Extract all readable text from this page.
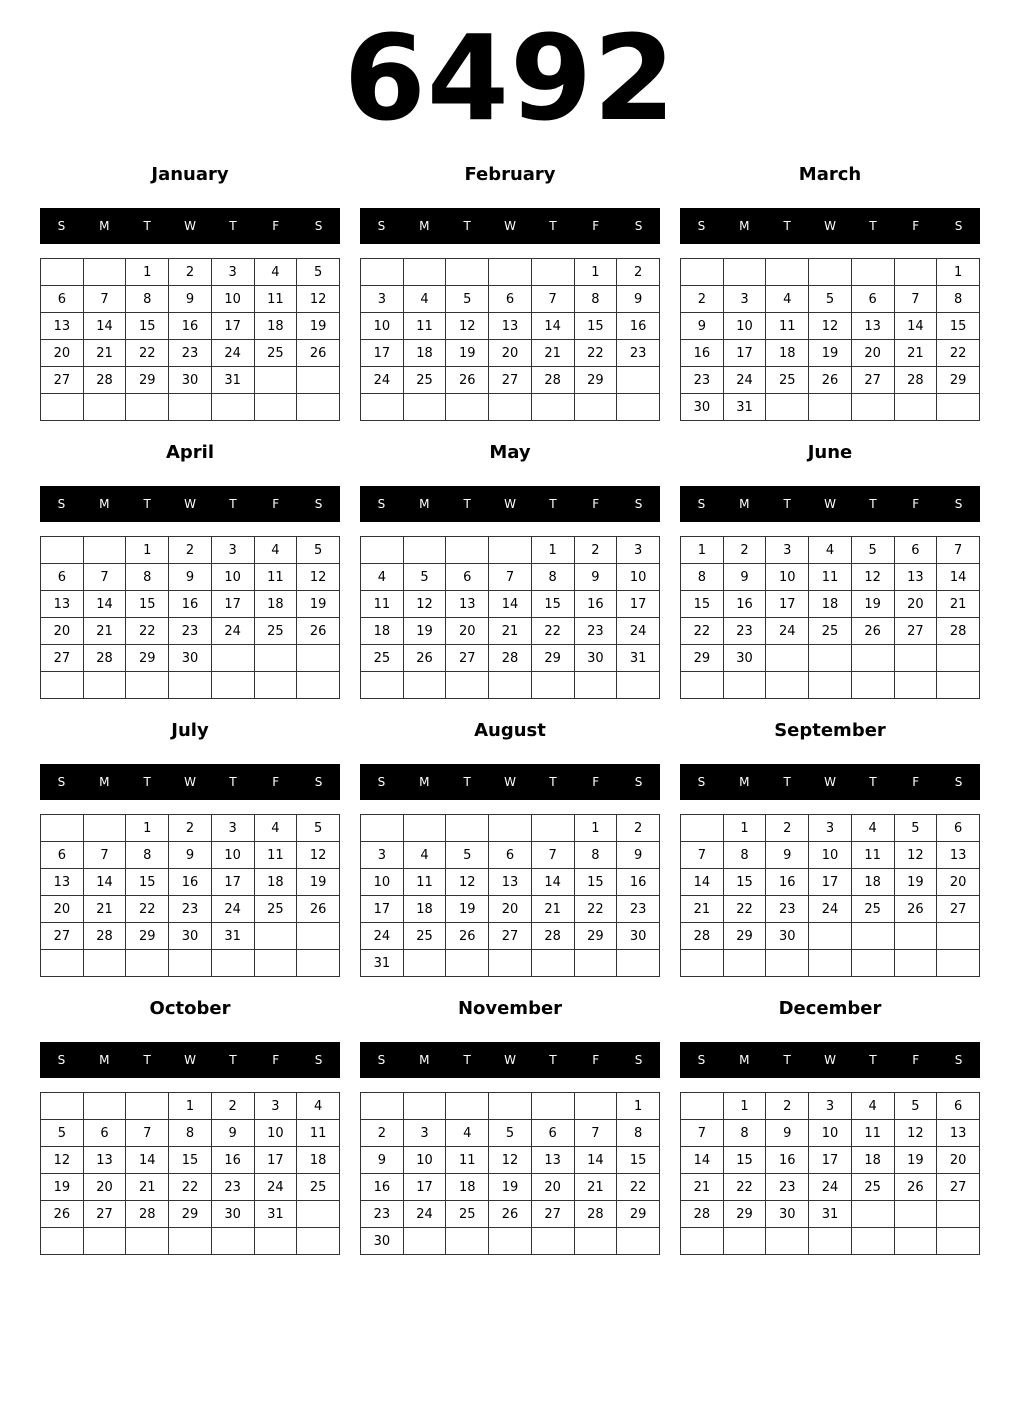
6492
January
S	M	T	W	T	F	S
		1	2	3	4	5
6	7	8	9	10	11	12
13	14	15	16	17	18	19
20	21	22	23	24	25	26
27	28	29	30	31		

February
S	M	T	W	T	F	S
					1	2
3	4	5	6	7	8	9
10	11	12	13	14	15	16
17	18	19	20	21	22	23
24	25	26	27	28	29	

March
S	M	T	W	T	F	S
						1
2	3	4	5	6	7	8
9	10	11	12	13	14	15
16	17	18	19	20	21	22
23	24	25	26	27	28	29
30	31					
April
S	M	T	W	T	F	S
		1	2	3	4	5
6	7	8	9	10	11	12
13	14	15	16	17	18	19
20	21	22	23	24	25	26
27	28	29	30			

May
S	M	T	W	T	F	S
				1	2	3
4	5	6	7	8	9	10
11	12	13	14	15	16	17
18	19	20	21	22	23	24
25	26	27	28	29	30	31

June
S	M	T	W	T	F	S
1	2	3	4	5	6	7
8	9	10	11	12	13	14
15	16	17	18	19	20	21
22	23	24	25	26	27	28
29	30					

July
S	M	T	W	T	F	S
		1	2	3	4	5
6	7	8	9	10	11	12
13	14	15	16	17	18	19
20	21	22	23	24	25	26
27	28	29	30	31		

August
S	M	T	W	T	F	S
					1	2
3	4	5	6	7	8	9
10	11	12	13	14	15	16
17	18	19	20	21	22	23
24	25	26	27	28	29	30
31						
September
S	M	T	W	T	F	S
	1	2	3	4	5	6
7	8	9	10	11	12	13
14	15	16	17	18	19	20
21	22	23	24	25	26	27
28	29	30				

October
S	M	T	W	T	F	S
			1	2	3	4
5	6	7	8	9	10	11
12	13	14	15	16	17	18
19	20	21	22	23	24	25
26	27	28	29	30	31	

November
S	M	T	W	T	F	S
						1
2	3	4	5	6	7	8
9	10	11	12	13	14	15
16	17	18	19	20	21	22
23	24	25	26	27	28	29
30						
December
S	M	T	W	T	F	S
	1	2	3	4	5	6
7	8	9	10	11	12	13
14	15	16	17	18	19	20
21	22	23	24	25	26	27
28	29	30	31			
